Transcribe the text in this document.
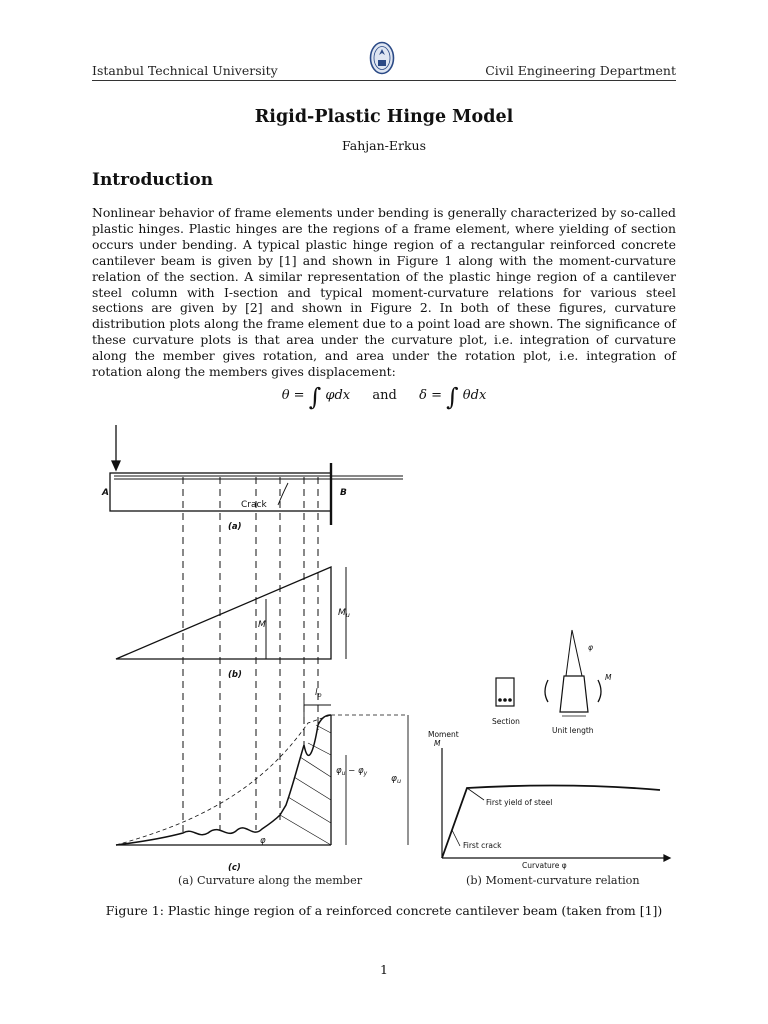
Istanbul Technical University	Civil Engineering Department
Rigid-Plastic Hinge Model
Fahjan-Erkus
Introduction

Nonlinear behavior of frame elements under bending is generally characterized by so-called plastic hinges. Plastic hinges are the regions of a frame element, where yielding of section occurs under bending. A typical plastic hinge region of a rectangular reinforced concrete cantilever beam is given by [1] and shown in Figure 1 along with the moment-curvature relation of the section. A similar representation of the plastic hinge region of a cantilever steel column with I-section and typical moment-curvature relations for various steel sections are given by [2] and shown in Figure 2. In both of these figures, curvature distribution plots along the frame element due to a point load are shown. The significance of these curvature plots is that area under the curvature plot, i.e. integration of curvature along the member gives rotation, and area under the rotation plot, i.e. integration of rotation along the members gives displacement:

θ = ∫ φdx and δ = ∫ θdx
A	B
Crack
(a)
(b)
(c)
M
$M_u$
$l_p$
$\varphi_u$
$\varphi_u - \varphi_y$
φ
φ
M
Section
Unit length
Moment
M
First yield of steel
First crack
Curvature φ
(a) Curvature along the member	(b) Moment-curvature relation
Figure 1: Plastic hinge region of a reinforced concrete cantilever beam (taken from [1])
1
